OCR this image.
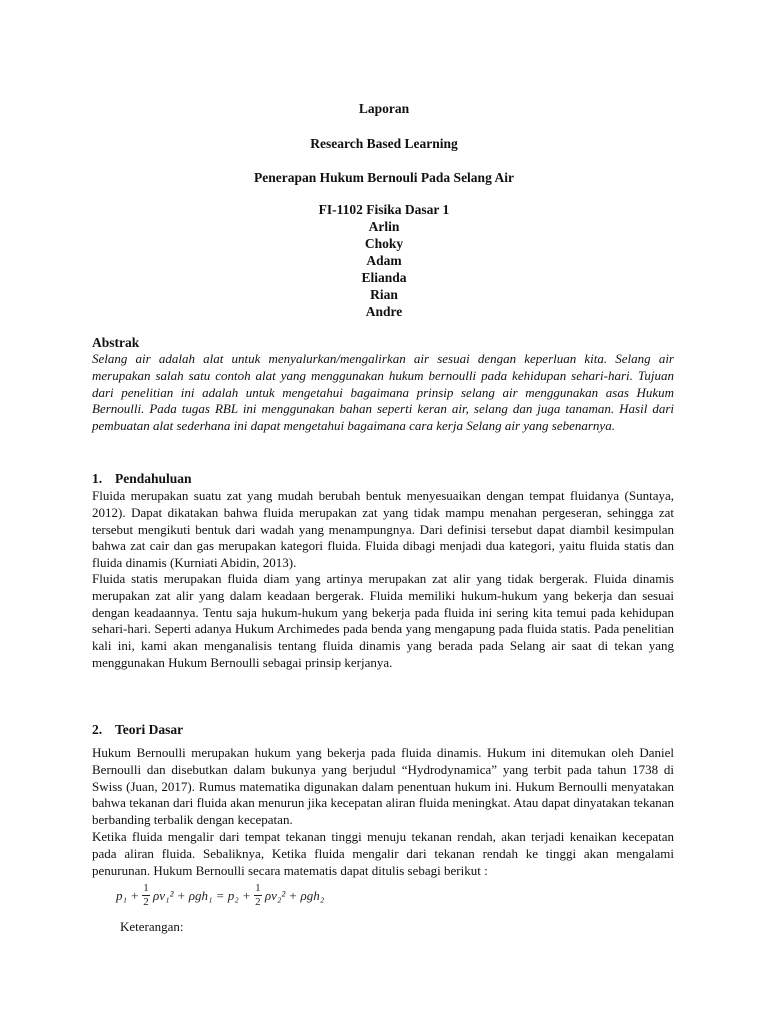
Laporan
Research Based Learning
Penerapan Hukum Bernouli Pada Selang Air
FI-1102 Fisika Dasar 1
Arlin
Choky
Adam
Elianda
Rian
Andre
Abstrak
Selang air adalah alat untuk menyalurkan/mengalirkan air sesuai dengan keperluan kita. Selang air merupakan salah satu contoh alat yang menggunakan hukum bernoulli pada kehidupan sehari-hari. Tujuan dari penelitian ini adalah untuk mengetahui bagaimana prinsip selang air menggunakan asas Hukum Bernoulli. Pada tugas RBL ini menggunakan bahan seperti keran air, selang dan juga tanaman. Hasil dari pembuatan alat sederhana ini dapat mengetahui bagaimana cara kerja Selang air yang sebenarnya.
1. Pendahuluan
Fluida merupakan suatu zat yang mudah berubah bentuk menyesuaikan dengan tempat fluidanya (Suntaya, 2012). Dapat dikatakan bahwa fluida merupakan zat yang tidak mampu menahan pergeseran, sehingga zat tersebut mengikuti bentuk dari wadah yang menampungnya. Dari definisi tersebut dapat diambil kesimpulan bahwa zat cair dan gas merupakan kategori fluida. Fluida dibagi menjadi dua kategori, yaitu fluida statis dan fluida dinamis (Kurniati Abidin, 2013).
Fluida statis merupakan fluida diam yang artinya merupakan zat alir yang tidak bergerak. Fluida dinamis merupakan zat alir yang dalam keadaan bergerak. Fluida memiliki hukum-hukum yang bekerja dan sesuai dengan keadaannya. Tentu saja hukum-hukum yang bekerja pada fluida ini sering kita temui pada kehidupan sehari-hari. Seperti adanya Hukum Archimedes pada benda yang mengapung pada fluida statis. Pada penelitian kali ini, kami akan menganalisis tentang fluida dinamis yang berada pada Selang air saat di tekan yang menggunakan Hukum Bernoulli sebagai prinsip kerjanya.
2. Teori Dasar
Hukum Bernoulli merupakan hukum yang bekerja pada fluida dinamis. Hukum ini ditemukan oleh Daniel Bernoulli dan disebutkan dalam bukunya yang berjudul “Hydrodynamica” yang terbit pada tahun 1738 di Swiss (Juan, 2017). Rumus matematika digunakan dalam penentuan hukum ini. Hukum Bernoulli menyatakan bahwa tekanan dari fluida akan menurun jika kecepatan aliran fluida meningkat. Atau dapat dinyatakan tekanan berbanding terbalik dengan kecepatan.
Ketika fluida mengalir dari tempat tekanan tinggi menuju tekanan rendah, akan terjadi kenaikan kecepatan pada aliran fluida. Sebaliknya, Ketika fluida mengalir dari tekanan rendah ke tinggi akan mengalami penurunan. Hukum Bernoulli secara matematis dapat ditulis sebagi berikut :
$p_1 + \frac{1}{2} \rho v_1^2 + \rho gh_1 = p_2 + \frac{1}{2} \rho v_2^2 + \rho gh_2$
Keterangan:
